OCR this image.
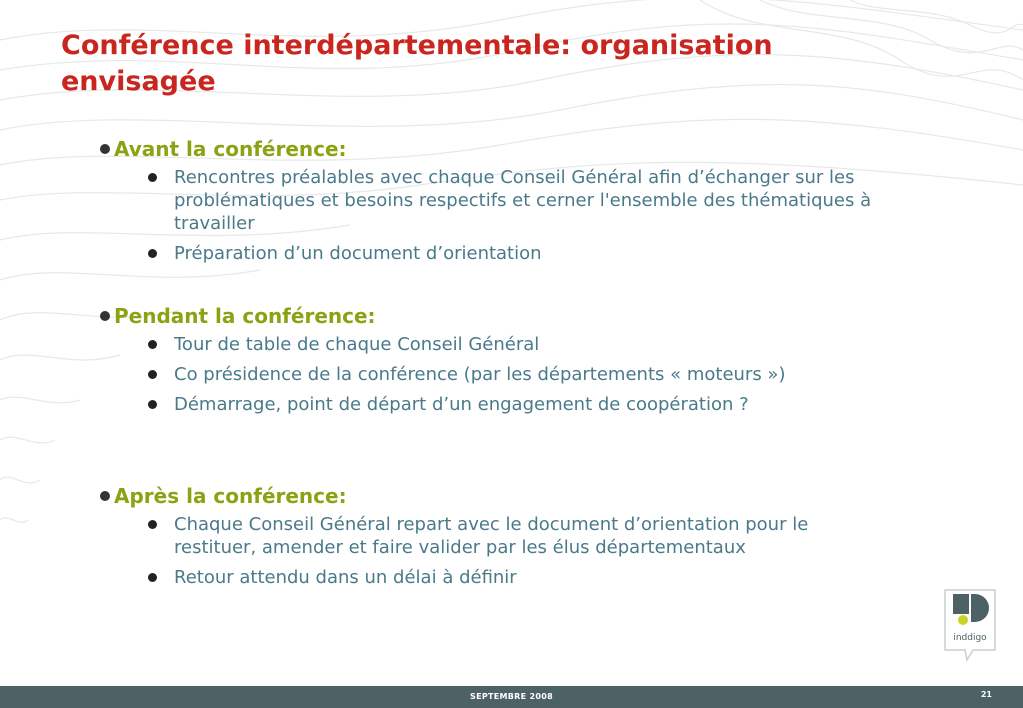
Conférence interdépartementale: organisation envisagée
Avant la conférence:
Rencontres préalables avec chaque Conseil Général afin d’échanger sur les problématiques et besoins respectifs et cerner l'ensemble des thématiques à travailler
Préparation d’un document d’orientation
Pendant la conférence:
Tour de table de chaque Conseil Général
Co présidence de la conférence (par les départements « moteurs »)
Démarrage, point de départ d’un engagement de coopération ?
Après la conférence:
Chaque Conseil Général repart avec le document d’orientation pour le restituer, amender et faire valider par les élus départementaux
Retour attendu dans un délai à définir
inddigo
SEPTEMBRE 2008	21
